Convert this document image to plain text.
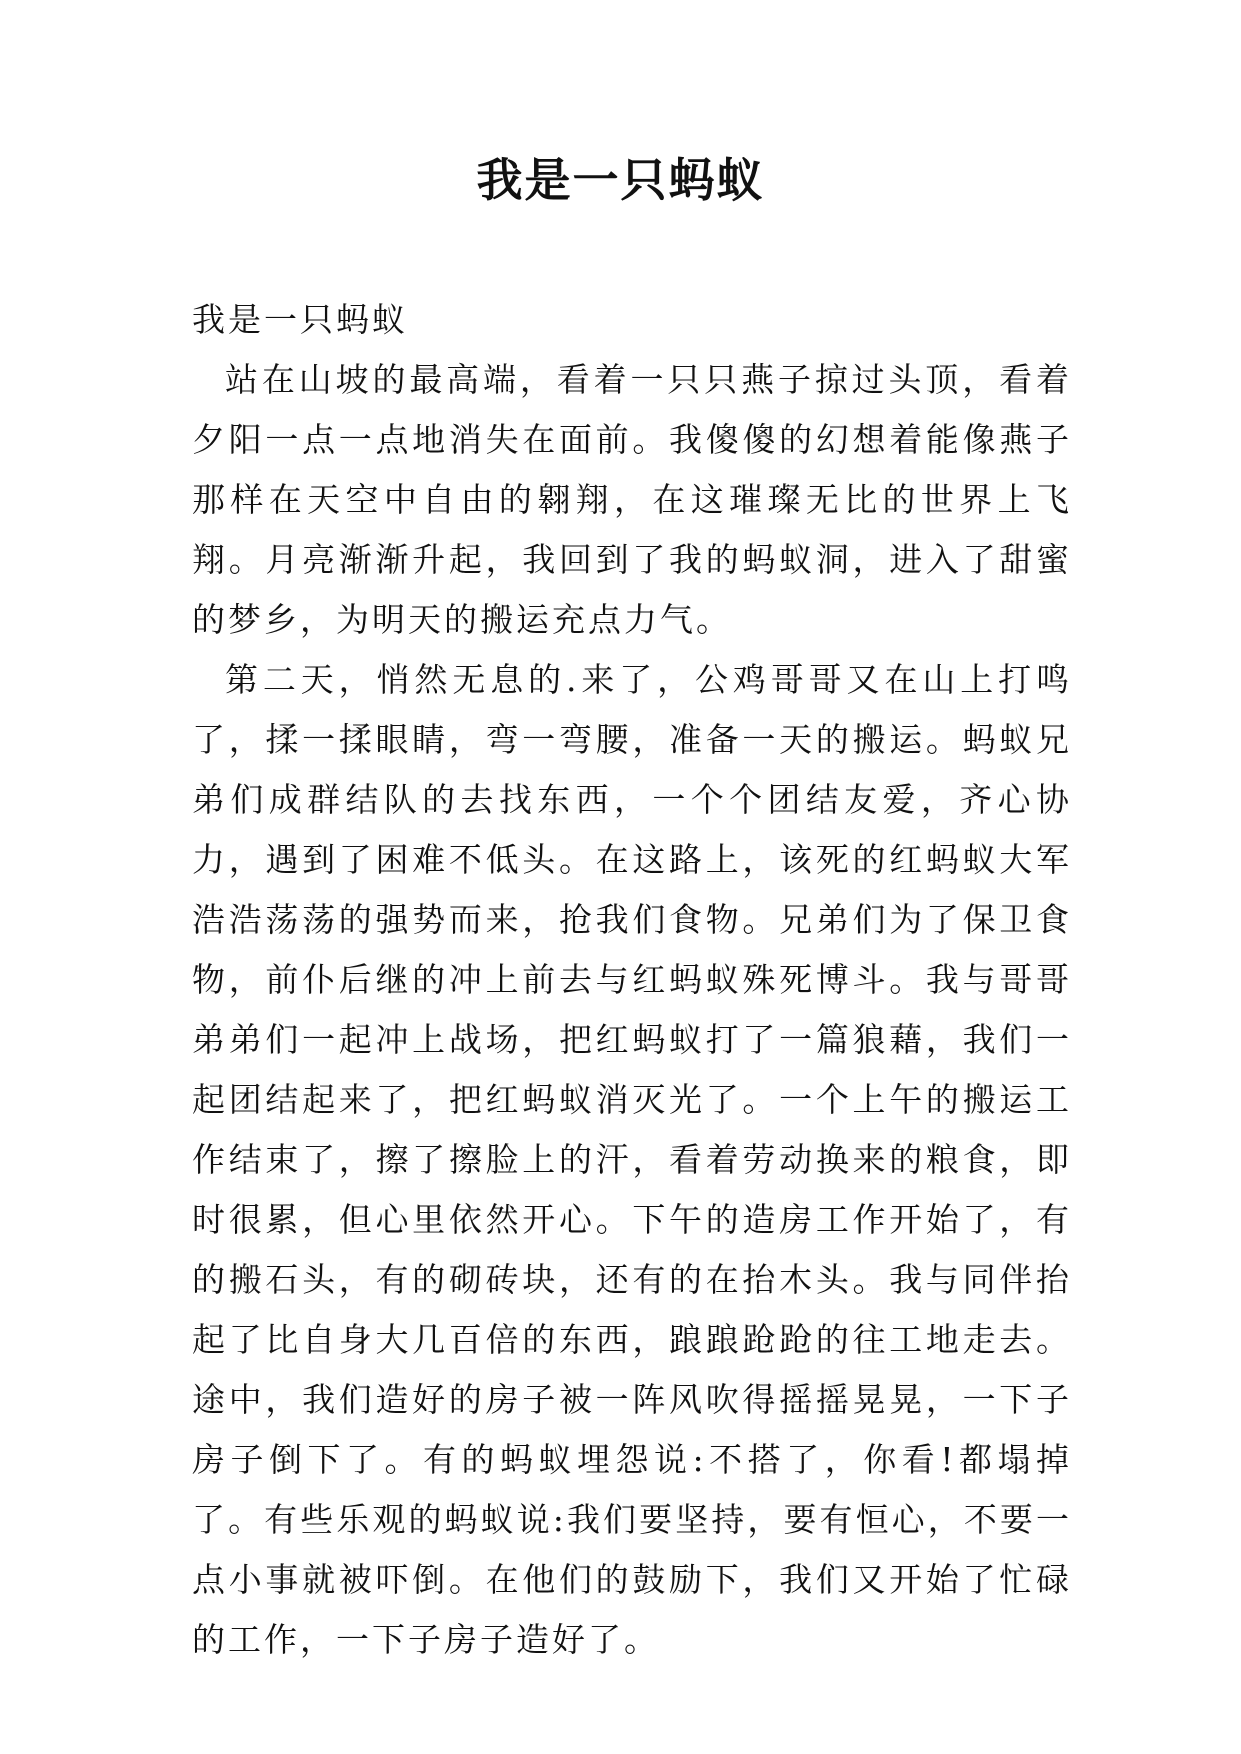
我是一只蚂蚁

我是一只蚂蚁

站在山坡的最高端，看着一只只燕子掠过头顶，看着夕阳一点一点地消失在面前。我傻傻的幻想着能像燕子那样在天空中自由的翱翔，在这璀璨无比的世界上飞翔。月亮渐渐升起，我回到了我的蚂蚁洞，进入了甜蜜的梦乡，为明天的搬运充点力气。

第二天，悄然无息的.来了，公鸡哥哥又在山上打鸣了，揉一揉眼睛，弯一弯腰，准备一天的搬运。蚂蚁兄弟们成群结队的去找东西，一个个团结友爱，齐心协力，遇到了困难不低头。在这路上，该死的红蚂蚁大军浩浩荡荡的强势而来，抢我们食物。兄弟们为了保卫食物，前仆后继的冲上前去与红蚂蚁殊死博斗。我与哥哥弟弟们一起冲上战场，把红蚂蚁打了一篇狼藉，我们一起团结起来了，把红蚂蚁消灭光了。一个上午的搬运工作结束了，擦了擦脸上的汗，看着劳动换来的粮食，即时很累，但心里依然开心。下午的造房工作开始了，有的搬石头，有的砌砖块，还有的在抬木头。我与同伴抬起了比自身大几百倍的东西，踉踉跄跄的往工地走去。途中，我们造好的房子被一阵风吹得摇摇晃晃，一下子房子倒下了。有的蚂蚁埋怨说:不搭了，你看!都塌掉了。有些乐观的蚂蚁说:我们要坚持，要有恒心，不要一点小事就被吓倒。在他们的鼓励下，我们又开始了忙碌的工作，一下子房子造好了。
